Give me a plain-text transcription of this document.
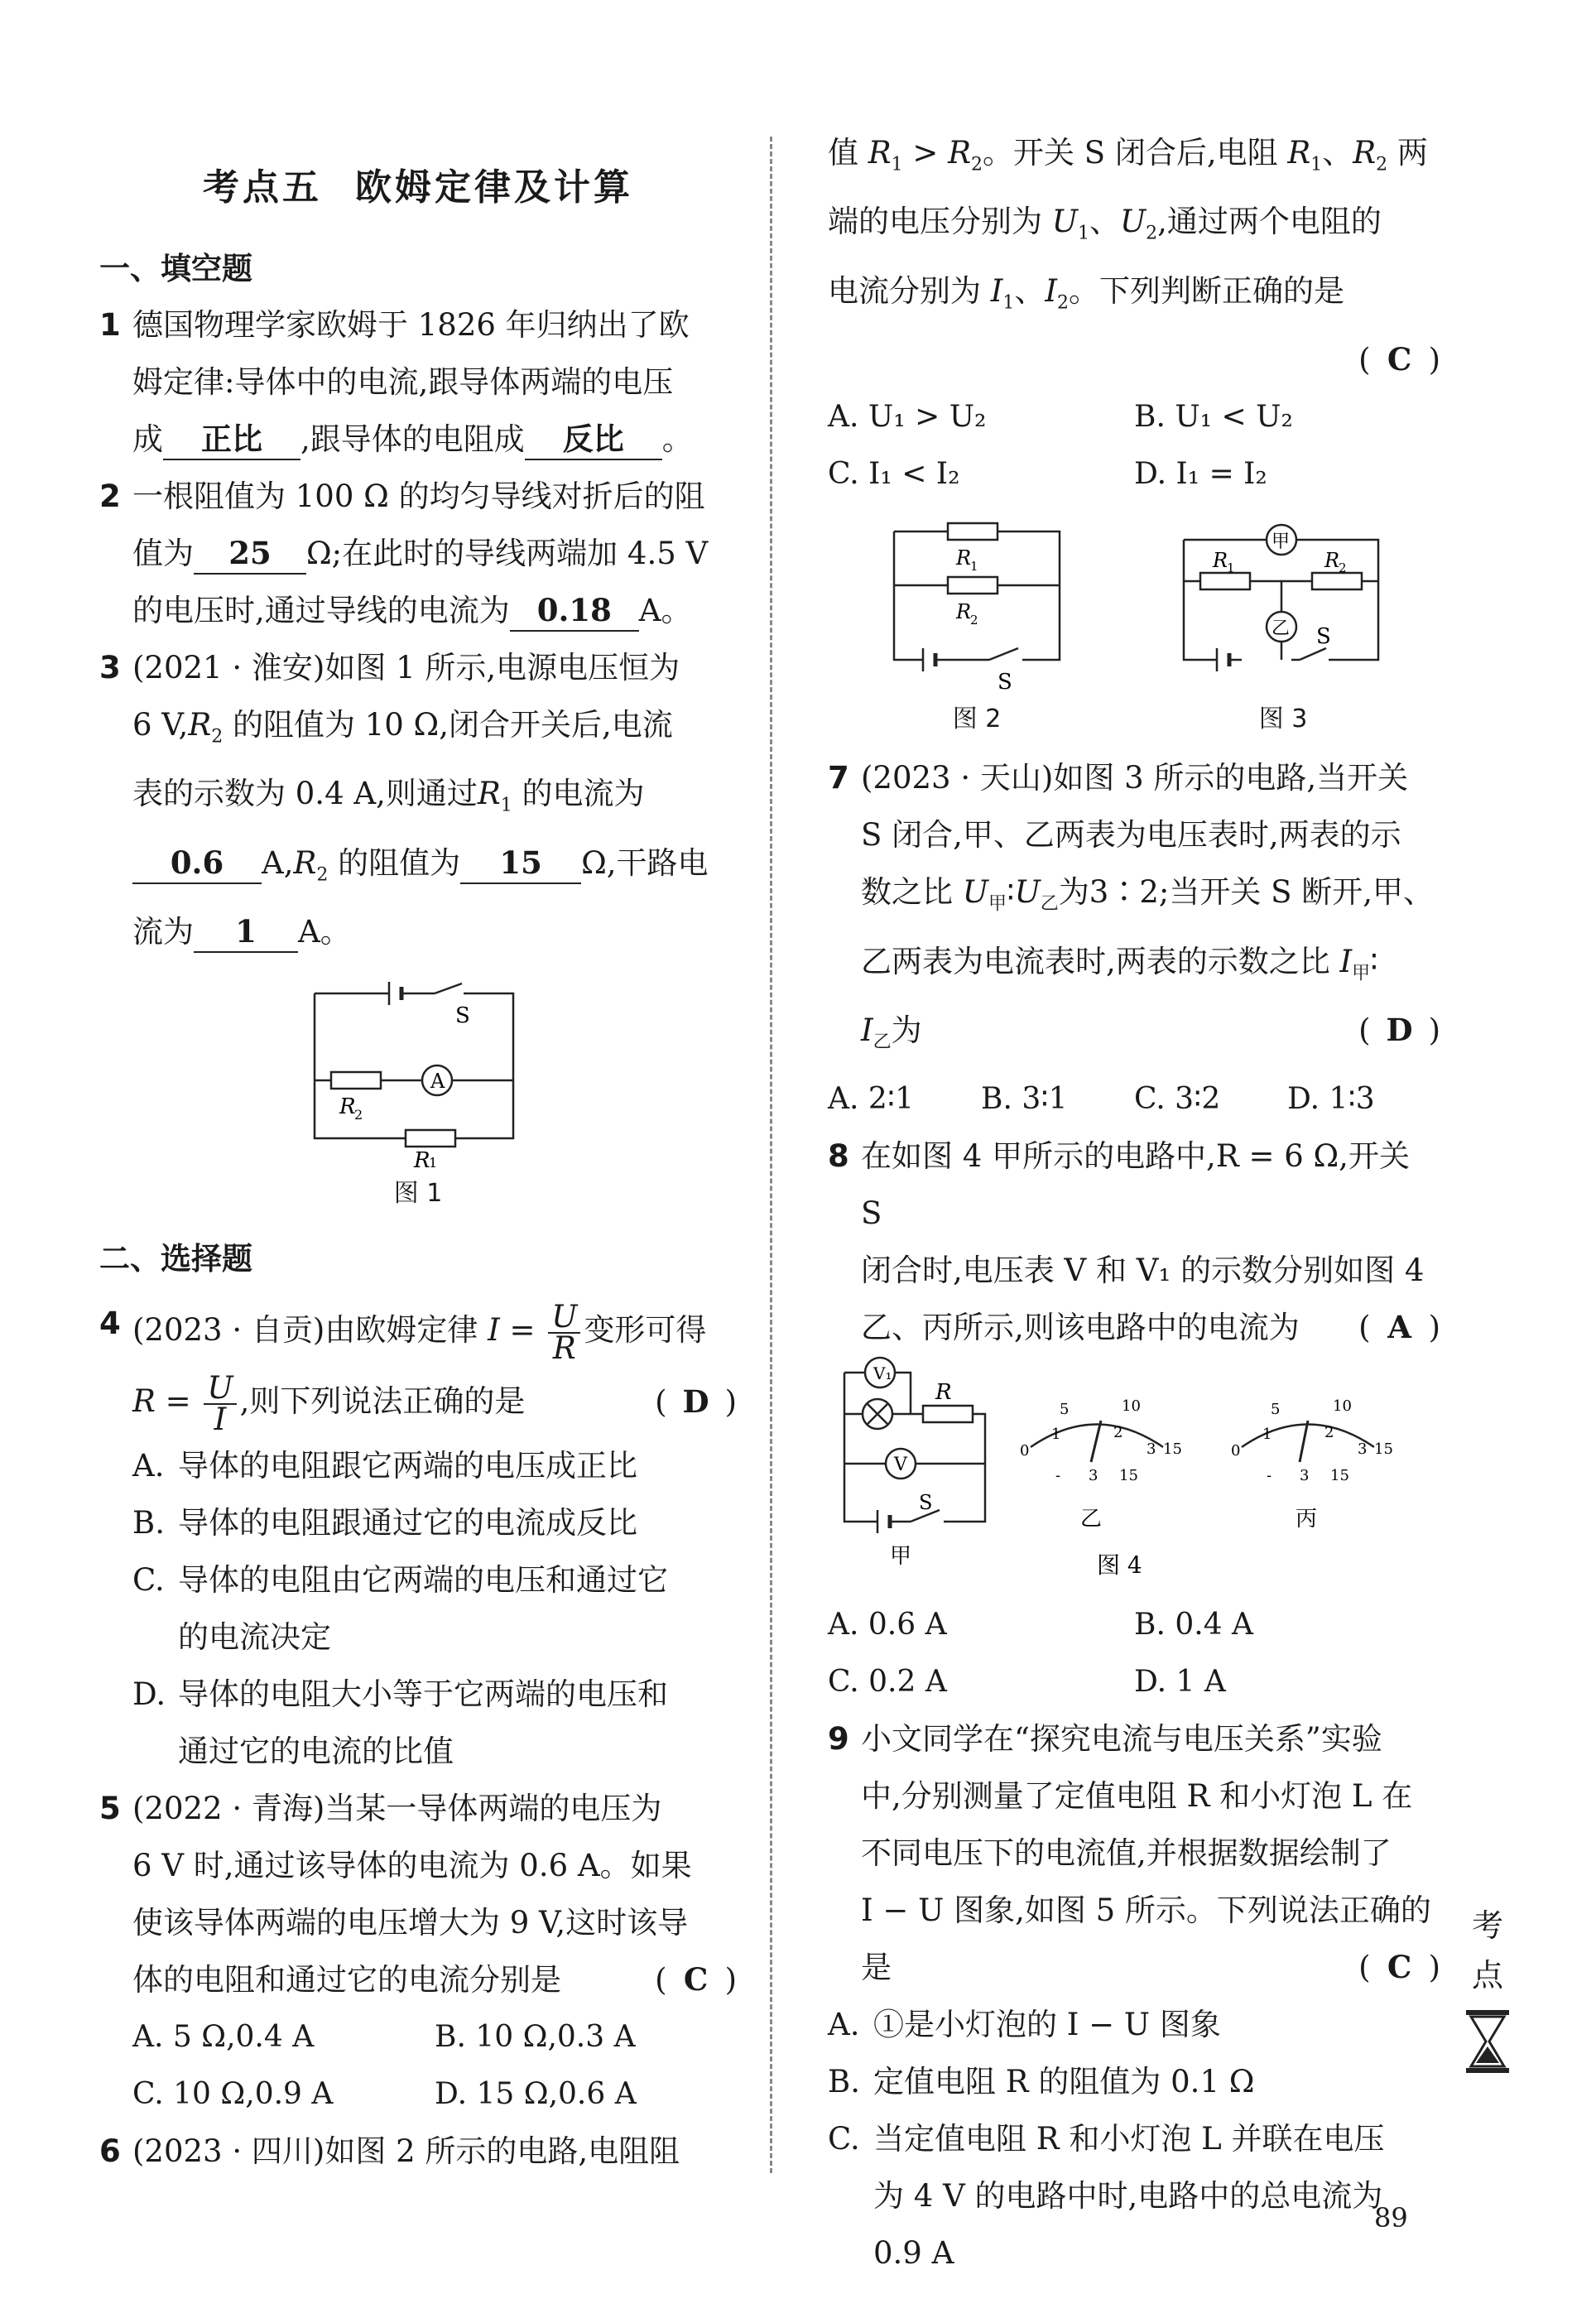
考点五 欧姆定律及计算
一、填空题
1 德国物理学家欧姆于 1826 年归纳出了欧
姆定律:导体中的电流,跟导体两端的电压
成 正比 ,跟导体的电阻成 反比 。
2 一根阻值为 100 Ω 的均匀导线对折后的阻
值为 25 Ω;在此时的导线两端加 4.5 V
的电压时,通过导线的电流为 0.18 A。
3 (2021 · 淮安)如图 1 所示,电源电压恒为
6 $V,R_2$ 的阻值为 10 Ω,闭合开关后,电流
表的示数为 0.4 A,则通过$R_1$ 的电流为
0.6 $A,R_2$ 的阻值为 15 Ω,干路电
流为 1 A。
S
A
R
2
R
1
图 1
二、选择题
4 (2023 · 自贡)由欧姆定律 $I = \frac{U}{R}$ 变形可得
$R = \frac{U}{I}$ ,则下列说法正确的是	( D )
A. 导体的电阻跟它两端的电压成正比
B. 导体的电阻跟通过它的电流成反比
C. 导体的电阻由它两端的电压和通过它
的电流决定
D. 导体的电阻大小等于它两端的电压和
通过它的电流的比值
5 (2022 · 青海)当某一导体两端的电压为
6 V 时,通过该导体的电流为 0.6 A。如果
使该导体两端的电压增大为 9 V,这时该导
体的电阻和通过它的电流分别是	( C )
A. 5 Ω,0.4 A	B. 10 Ω,0.3 A
C. 10 Ω,0.9 A	D. 15 Ω,0.6 A
6 (2023 · 四川)如图 2 所示的电路,电阻阻
值 $R_1 > R_2$。开关 S 闭合后,电阻 $R_1$、$R_2$ 两
端的电压分别为 $U_1$、$U_2$,通过两个电阻的
电流分别为 $I_1$、$I_2$。下列判断正确的是
( C )
A. U₁ > U₂	B. U₁ < U₂
C. I₁ < I₂	D. I₁ = I₂
R
1
R
2
S
图 2
甲
乙
R
1	R
2
S
图 3
7 (2023 · 天山)如图 3 所示的电路,当开关
S 闭合,甲、乙两表为电压表时,两表的示
数之比 $U_甲∶U_乙$为3∶2;当开关 S 断开,甲、
乙两表为电流表时,两表的示数之比 $I_甲∶$
$I_乙$为	( D )
A. 2∶1	B. 3∶1	C. 3∶2	D. 1∶3
8 在如图 4 甲所示的电路中,R = 6 Ω,开关 S
闭合时,电压表 V 和 V₁ 的示数分别如图 4
乙、丙所示,则该电路中的电流为 ( A )
V₁
V
R
S
甲
0
5	10
15
1	2
3
- 3 15
0
5	10
15
1	2
3
- 3 15
乙	丙
图 4
A. 0.6 A	B. 0.4 A
C. 0.2 A	D. 1 A
9 小文同学在“探究电流与电压关系”实验
中,分别测量了定值电阻 R 和小灯泡 L 在
不同电压下的电流值,并根据数据绘制了
I − U 图象,如图 5 所示。下列说法正确的
是	( C )
A. ①是小灯泡的 I − U 图象
B. 定值电阻 R 的阻值为 0.1 Ω
C. 当定值电阻 R 和小灯泡 L 并联在电压
为 4 V 的电路中时,电路中的总电流为
0.9 A
考
点
89
